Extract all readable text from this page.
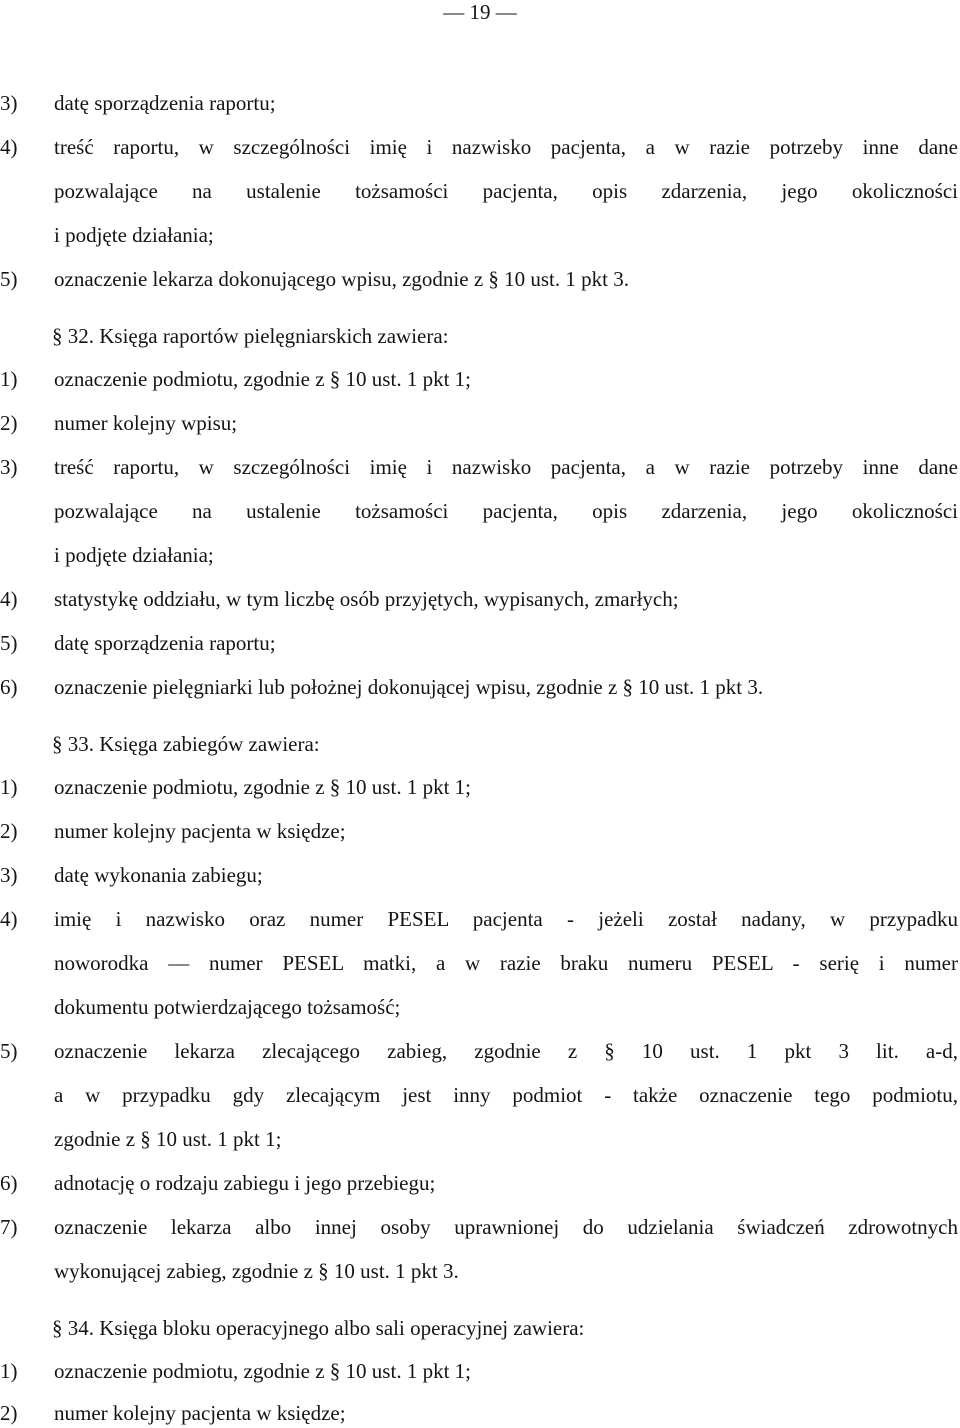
— 19 —
3) datę sporządzenia raportu;
4) treść raportu, w szczególności imię i nazwisko pacjenta, a w razie potrzeby inne dane
pozwalające na ustalenie tożsamości pacjenta, opis zdarzenia, jego okoliczności
i podjęte działania;
5) oznaczenie lekarza dokonującego wpisu, zgodnie z § 10 ust. 1 pkt 3.
§ 32. Księga raportów pielęgniarskich zawiera:
1) oznaczenie podmiotu, zgodnie z § 10 ust. 1 pkt 1;
2) numer kolejny wpisu;
3) treść raportu, w szczególności imię i nazwisko pacjenta, a w razie potrzeby inne dane
pozwalające na ustalenie tożsamości pacjenta, opis zdarzenia, jego okoliczności
i podjęte działania;
4) statystykę oddziału, w tym liczbę osób przyjętych, wypisanych, zmarłych;
5) datę sporządzenia raportu;
6) oznaczenie pielęgniarki lub położnej dokonującej wpisu, zgodnie z § 10 ust. 1 pkt 3.
§ 33. Księga zabiegów zawiera:
1) oznaczenie podmiotu, zgodnie z § 10 ust. 1 pkt 1;
2) numer kolejny pacjenta w księdze;
3) datę wykonania zabiegu;
4) imię i nazwisko oraz numer PESEL pacjenta - jeżeli został nadany, w przypadku
noworodka — numer PESEL matki, a w razie braku numeru PESEL - serię i numer
dokumentu potwierdzającego tożsamość;
5) oznaczenie lekarza zlecającego zabieg, zgodnie z § 10 ust. 1 pkt 3 lit. a-d,
a w przypadku gdy zlecającym jest inny podmiot - także oznaczenie tego podmiotu,
zgodnie z § 10 ust. 1 pkt 1;
6) adnotację o rodzaju zabiegu i jego przebiegu;
7) oznaczenie lekarza albo innej osoby uprawnionej do udzielania świadczeń zdrowotnych
wykonującej zabieg, zgodnie z § 10 ust. 1 pkt 3.
§ 34. Księga bloku operacyjnego albo sali operacyjnej zawiera:
1) oznaczenie podmiotu, zgodnie z § 10 ust. 1 pkt 1;
2) numer kolejny pacjenta w księdze;
